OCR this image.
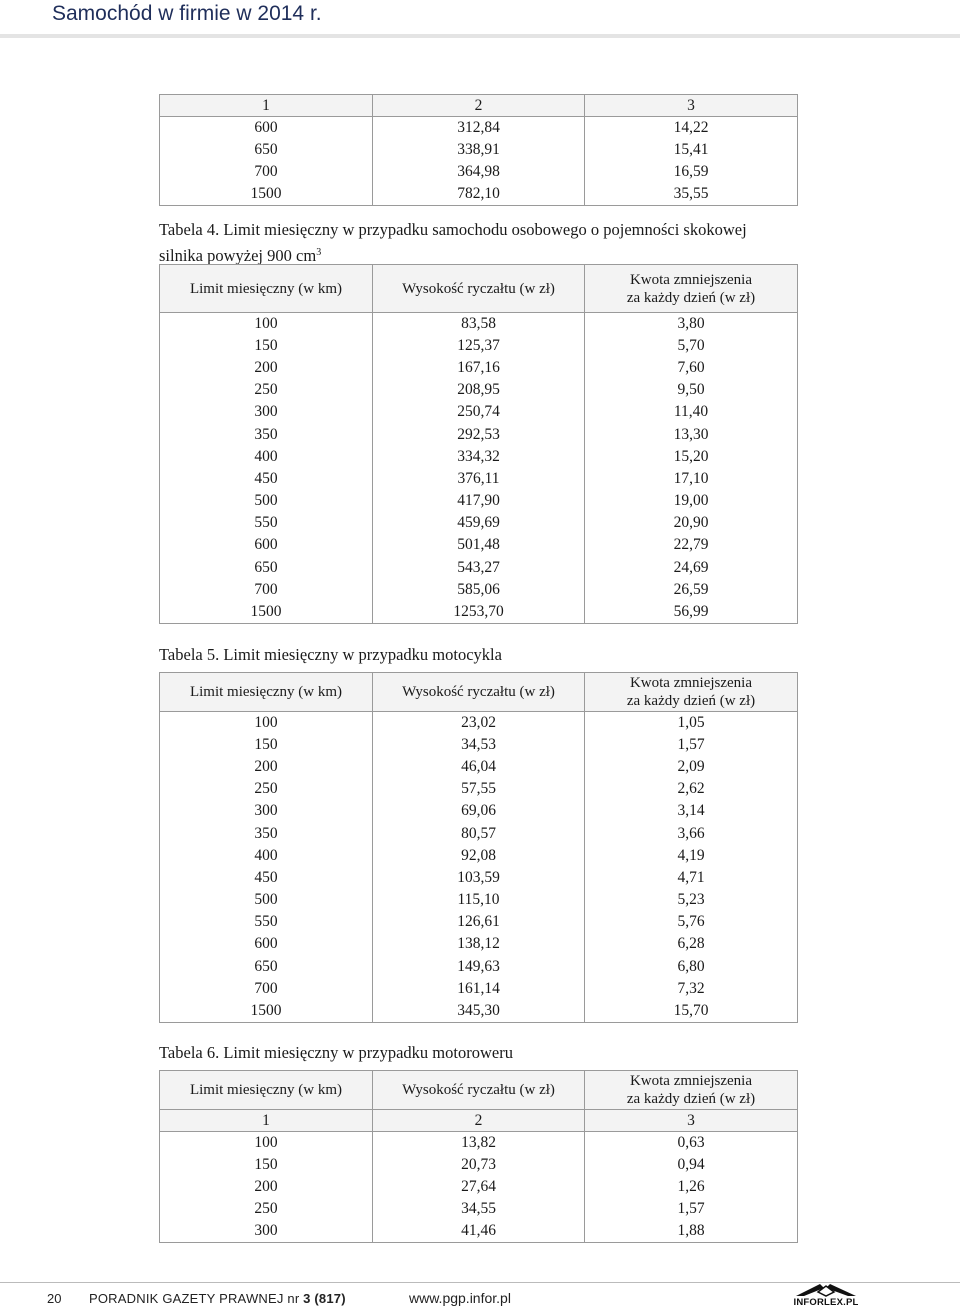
Samochód w firmie w 2014 r.
1	2	3
600	312,84	14,22
650	338,91	15,41
700	364,98	16,59
1500	782,10	35,55
Tabela 4. Limit miesięczny w przypadku samochodu osobowego o pojemności skokowej
silnika powyżej 900 $cm^3$
Limit miesięczny (w km)	Wysokość ryczałtu (w zł)	Kwota zmniejszenia
za każdy dzień (w zł)

100	83,58	3,80
150	125,37	5,70
200	167,16	7,60
250	208,95	9,50
300	250,74	11,40
350	292,53	13,30
400	334,32	15,20
450	376,11	17,10
500	417,90	19,00
550	459,69	20,90
600	501,48	22,79
650	543,27	24,69
700	585,06	26,59
1500	1253,70	56,99
Tabela 5. Limit miesięczny w przypadku motocykla
Limit miesięczny (w km)	Wysokość ryczałtu (w zł)	Kwota zmniejszenia
za każdy dzień (w zł)

100	23,02	1,05
150	34,53	1,57
200	46,04	2,09
250	57,55	2,62
300	69,06	3,14
350	80,57	3,66
400	92,08	4,19
450	103,59	4,71
500	115,10	5,23
550	126,61	5,76
600	138,12	6,28
650	149,63	6,80
700	161,14	7,32
1500	345,30	15,70
Tabela 6. Limit miesięczny w przypadku motoroweru
Limit miesięczny (w km)	Wysokość ryczałtu (w zł)	Kwota zmniejszenia
za każdy dzień (w zł)

1	2	3
100	13,82	0,63
150	20,73	0,94
200	27,64	1,26
250	34,55	1,57
300	41,46	1,88
20 PORADNIK GAZETY PRAWNEJ nr 3 (817)	www.pgp.infor.pl	INFORLEX.PL
